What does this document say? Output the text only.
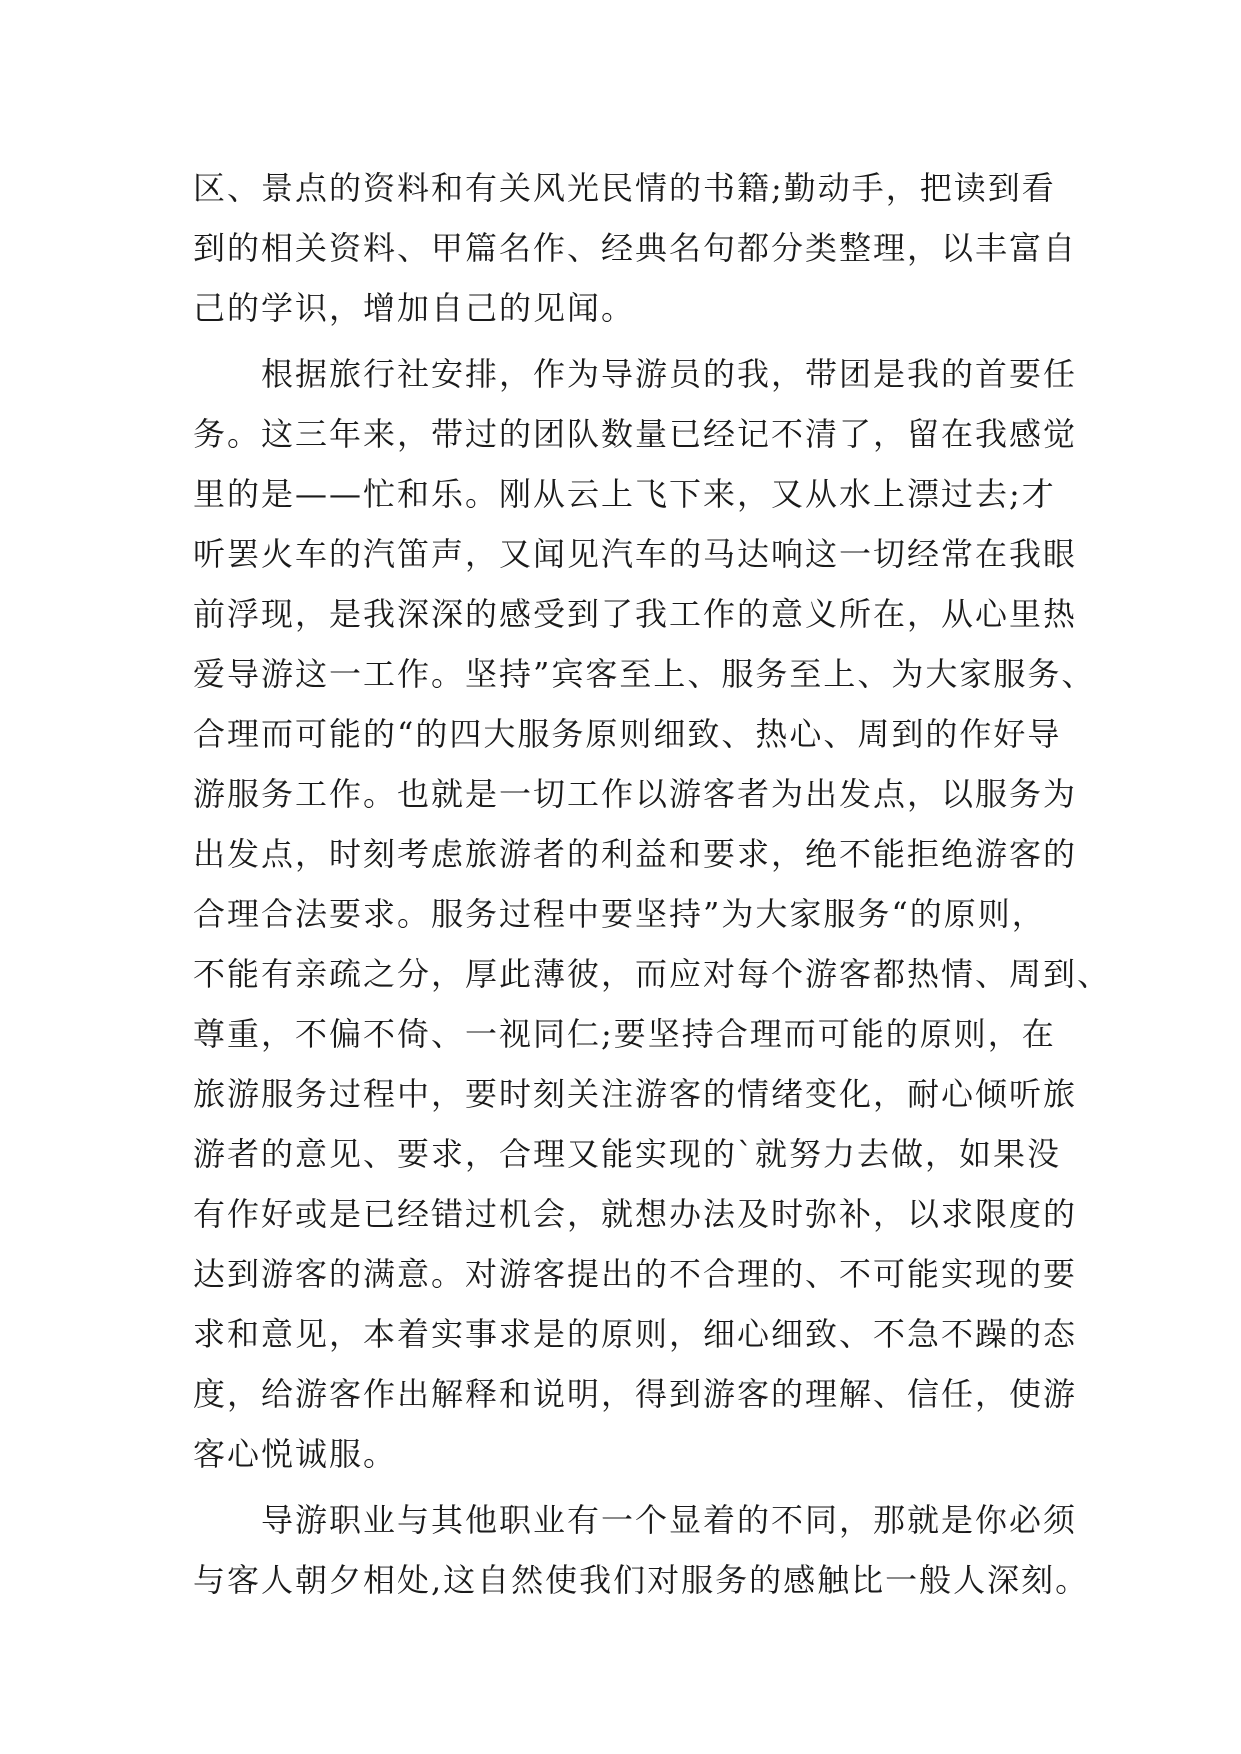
区、景点的资料和有关风光民情的书籍;勤动手，把读到看
到的相关资料、甲篇名作、经典名句都分类整理，以丰富自
己的学识，增加自己的见闻。
　　根据旅行社安排，作为导游员的我，带团是我的首要任
务。这三年来，带过的团队数量已经记不清了，留在我感觉
里的是——忙和乐。刚从云上飞下来，又从水上漂过去;才
听罢火车的汽笛声，又闻见汽车的马达响这一切经常在我眼
前浮现，是我深深的感受到了我工作的意义所在，从心里热
爱导游这一工作。坚持”宾客至上、服务至上、为大家服务、
合理而可能的“的四大服务原则细致、热心、周到的作好导
游服务工作。也就是一切工作以游客者为出发点，以服务为
出发点，时刻考虑旅游者的利益和要求，绝不能拒绝游客的
合理合法要求。服务过程中要坚持”为大家服务“的原则，
不能有亲疏之分，厚此薄彼，而应对每个游客都热情、周到、
尊重，不偏不倚、一视同仁;要坚持合理而可能的原则，在
旅游服务过程中，要时刻关注游客的情绪变化，耐心倾听旅
游者的意见、要求，合理又能实现的`就努力去做，如果没
有作好或是已经错过机会，就想办法及时弥补，以求限度的
达到游客的满意。对游客提出的不合理的、不可能实现的要
求和意见，本着实事求是的原则，细心细致、不急不躁的态
度，给游客作出解释和说明，得到游客的理解、信任，使游
客心悦诚服。
　　导游职业与其他职业有一个显着的不同，那就是你必须
与客人朝夕相处,这自然使我们对服务的感触比一般人深刻。
